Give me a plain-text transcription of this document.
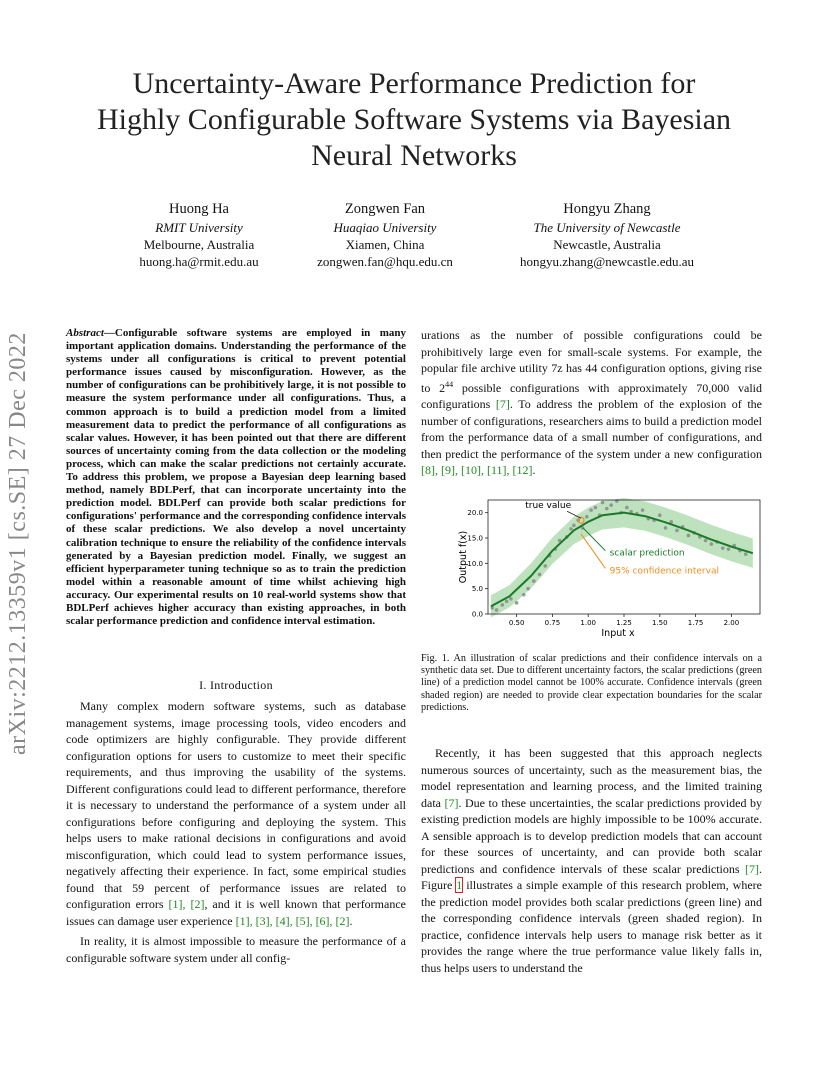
Uncertainty-Aware Performance Prediction for
Highly Configurable Software Systems via Bayesian
Neural Networks
Huong Ha
RMIT University
Melbourne, Australia
huong.ha@rmit.edu.au
Zongwen Fan
Huaqiao University
Xiamen, China
zongwen.fan@hqu.edu.cn
Hongyu Zhang
The University of Newcastle
Newcastle, Australia
hongyu.zhang@newcastle.edu.au
arXiv:2212.13359v1 [cs.SE] 27 Dec 2022	Abstract—Configurable software systems are employed in many important application domains. Understanding the performance of the systems under all configurations is critical to prevent potential performance issues caused by misconfiguration. However, as the number of configurations can be prohibitively large, it is not possible to measure the system performance under all configurations. Thus, a common approach is to build a prediction model from a limited measurement data to predict the performance of all configurations as scalar values. However, it has been pointed out that there are different sources of uncertainty coming from the data collection or the modeling process, which can make the scalar predictions not certainly accurate. To address this problem, we propose a Bayesian deep learning based method, namely BDLPerf, that can incorporate uncertainty into the prediction model. BDLPerf can provide both scalar predictions for configurations' performance and the corresponding confidence intervals of these scalar predictions. We also develop a novel uncertainty calibration technique to ensure the reliability of the confidence intervals generated by a Bayesian prediction model. Finally, we suggest an efficient hyperparameter tuning technique so as to train the prediction model within a reasonable amount of time whilst achieving high accuracy. Our experimental results on 10 real-world systems show that BDLPerf achieves higher accuracy than existing approaches, in both scalar performance prediction and confidence interval estimation.
I. Introduction

Many complex modern software systems, such as database management systems, image processing tools, video encoders and code optimizers are highly configurable. They provide different configuration options for users to customize to meet their specific requirements, and thus improving the usability of the systems. Different configurations could lead to different performance, therefore it is necessary to understand the performance of a system under all configurations before configuring and deploying the system. This helps users to make rational decisions in configurations and avoid misconfiguration, which could lead to system performance issues, negatively affecting their experience. In fact, some empirical studies found that 59 percent of performance issues are related to configuration errors [1], [2], and it is well known that performance issues can damage user experience [1], [3], [4], [5], [6], [2].

In reality, it is almost impossible to measure the performance of a configurable software system under all config-

urations as the number of possible configurations could be prohibitively large even for small-scale systems. For example, the popular file archive utility 7z has 44 configuration options, giving rise to $2^{44}$ possible configurations with approximately 70,000 valid configurations [7]. To address the problem of the explosion of the number of configurations, researchers aims to build a prediction model from the performance data of a small number of configurations, and then predict the performance of the system under a new configuration [8], [9], [10], [11], [12].
0.50	0.75	1.00	1.25	1.50	1.75	2.00
0.0
5.0
10.0
15.0
20.0
Input x
Output f(x)
true value
scalar prediction
95% confidence interval
Fig. 1. An illustration of scalar predictions and their confidence intervals on a synthetic data set. Due to different uncertainty factors, the scalar predictions (green line) of a prediction model cannot be 100% accurate. Confidence intervals (green shaded region) are needed to provide clear expectation boundaries for the scalar predictions.

Recently, it has been suggested that this approach neglects numerous sources of uncertainty, such as the measurement bias, the model representation and learning process, and the limited training data [7]. Due to these uncertainties, the scalar predictions provided by existing prediction models are highly impossible to be 100% accurate. A sensible approach is to develop prediction models that can account for these sources of uncertainty, and can provide both scalar predictions and confidence intervals of these scalar predictions [7]. Figure 1 illustrates a simple example of this research problem, where the prediction model provides both scalar predictions (green line) and the corresponding confidence intervals (green shaded region). In practice, confidence intervals help users to manage risk better as it provides the range where the true performance value likely falls in, thus helps users to understand the
